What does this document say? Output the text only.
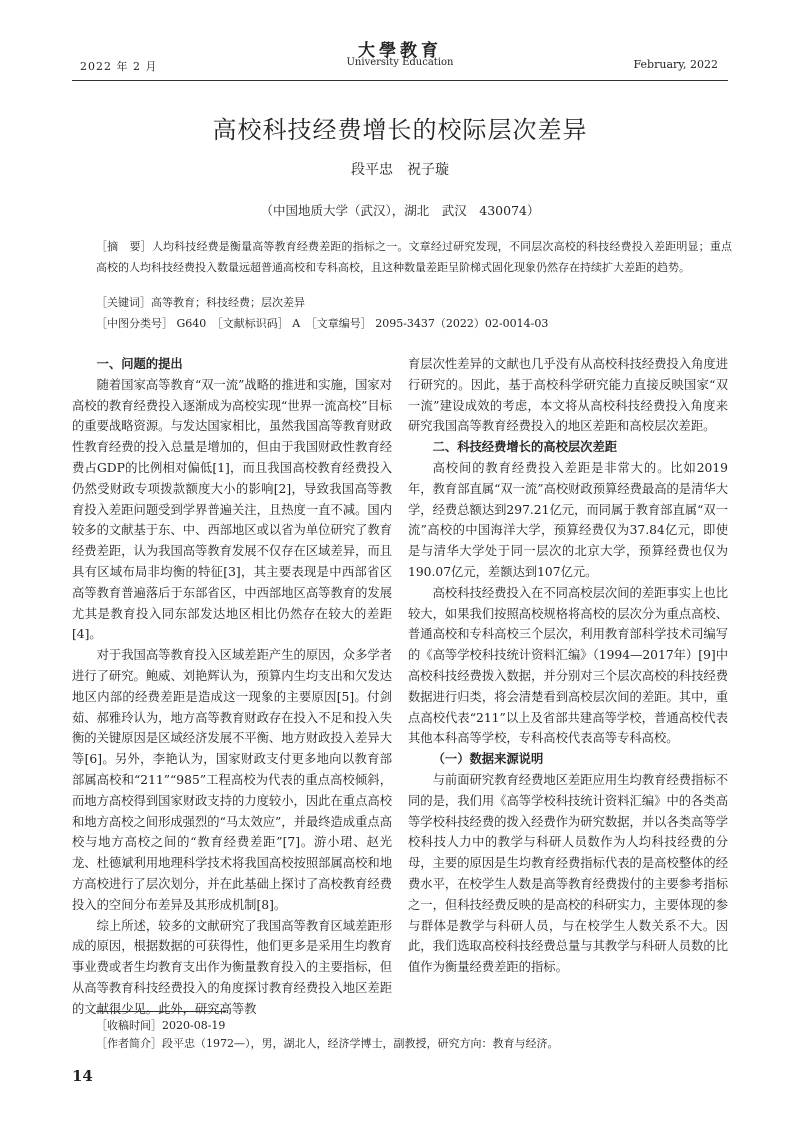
2022 年 2 月
大學教育
University Education	February, 2022
高校科技经费增长的校际层次差异
段平忠　祝子璇
（中国地质大学（武汉），湖北　武汉　430074）
［摘　要］人均科技经费是衡量高等教育经费差距的指标之一。文章经过研究发现，不同层次高校的科技经费投入差距明显；重点高校的人均科技经费投入数量远超普通高校和专科高校，且这种数量差距呈阶梯式固化现象仍然存在持续扩大差距的趋势。
［关键词］高等教育；科技经费；层次差异
［中图分类号］ G640　［文献标识码］ A　［文章编号］ 2095-3437（2022）02-0014-03
一、问题的提出

随着国家高等教育“双一流”战略的推进和实施，国家对高校的教育经费投入逐渐成为高校实现“世界一流高校”目标的重要战略资源。与发达国家相比，虽然我国高等教育财政性教育经费的投入总量是增加的，但由于我国财政性教育经费占GDP的比例相对偏低[1]，而且我国高校教育经费投入仍然受财政专项拨款额度大小的影响[2]，导致我国高等教育投入差距问题受到学界普遍关注，且热度一直不减。国内较多的文献基于东、中、西部地区或以省为单位研究了教育经费差距，认为我国高等教育发展不仅存在区域差异，而且具有区域布局非均衡的特征[3]，其主要表现是中西部省区高等教育普遍落后于东部省区，中西部地区高等教育的发展尤其是教育投入同东部发达地区相比仍然存在较大的差距[4]。

对于我国高等教育投入区域差距产生的原因，众多学者进行了研究。鲍威、刘艳辉认为，预算内生均支出和欠发达地区内部的经费差距是造成这一现象的主要原因[5]。付剑茹、郝雅玲认为，地方高等教育财政存在投入不足和投入失衡的关键原因是区域经济发展不平衡、地方财政投入差异大等[6]。另外，李艳认为，国家财政支付更多地向以教育部部属高校和“211”“985”工程高校为代表的重点高校倾斜，而地方高校得到国家财政支持的力度较小，因此在重点高校和地方高校之间形成强烈的“马太效应”，并最终造成重点高校与地方高校之间的“教育经费差距”[7]。游小珺、赵光龙、杜德斌利用地理科学技术将我国高校按照部属高校和地方高校进行了层次划分，并在此基础上探讨了高校教育经费投入的空间分布差异及其形成机制[8]。

综上所述，较多的文献研究了我国高等教育区域差距形成的原因，根据数据的可获得性，他们更多是采用生均教育事业费或者生均教育支出作为衡量教育投入的主要指标，但从高等教育科技经费投入的角度探讨教育经费投入地区差距的文献很少见。此外，研究高等教

育层次性差异的文献也几乎没有从高校科技经费投入角度进行研究的。因此，基于高校科学研究能力直接反映国家“双一流”建设成效的考虑，本文将从高校科技经费投入角度来研究我国高等教育经费投入的地区差距和高校层次差距。

二、科技经费增长的高校层次差距

高校间的教育经费投入差距是非常大的。比如2019年，教育部直属“双一流”高校财政预算经费最高的是清华大学，经费总额达到297.21亿元，而同属于教育部直属“双一流”高校的中国海洋大学，预算经费仅为37.84亿元，即使是与清华大学处于同一层次的北京大学，预算经费也仅为190.07亿元，差额达到107亿元。

高校科技经费投入在不同高校层次间的差距事实上也比较大，如果我们按照高校规格将高校的层次分为重点高校、普通高校和专科高校三个层次，利用教育部科学技术司编写的《高等学校科技统计资料汇编》（1994—2017年）[9]中高校科技经费拨入数据，并分别对三个层次高校的科技经费数据进行归类，将会清楚看到高校层次间的差距。其中，重点高校代表“211”以上及省部共建高等学校，普通高校代表其他本科高等学校，专科高校代表高等专科高校。

（一）数据来源说明

与前面研究教育经费地区差距应用生均教育经费指标不同的是，我们用《高等学校科技统计资料汇编》中的各类高等学校科技经费的拨入经费作为研究数据，并以各类高等学校科技人力中的教学与科研人员数作为人均科技经费的分母，主要的原因是生均教育经费指标代表的是高校整体的经费水平，在校学生人数是高等教育经费拨付的主要参考指标之一，但科技经费反映的是高校的科研实力，主要体现的参与群体是教学与科研人员，与在校学生人数关系不大。因此，我们选取高校科技经费总量与其教学与科研人员数的比值作为衡量经费差距的指标。

［收稿时间］2020-08-19
［作者简介］段平忠（1972—），男，湖北人，经济学博士，副教授，研究方向：教育与经济。
14
